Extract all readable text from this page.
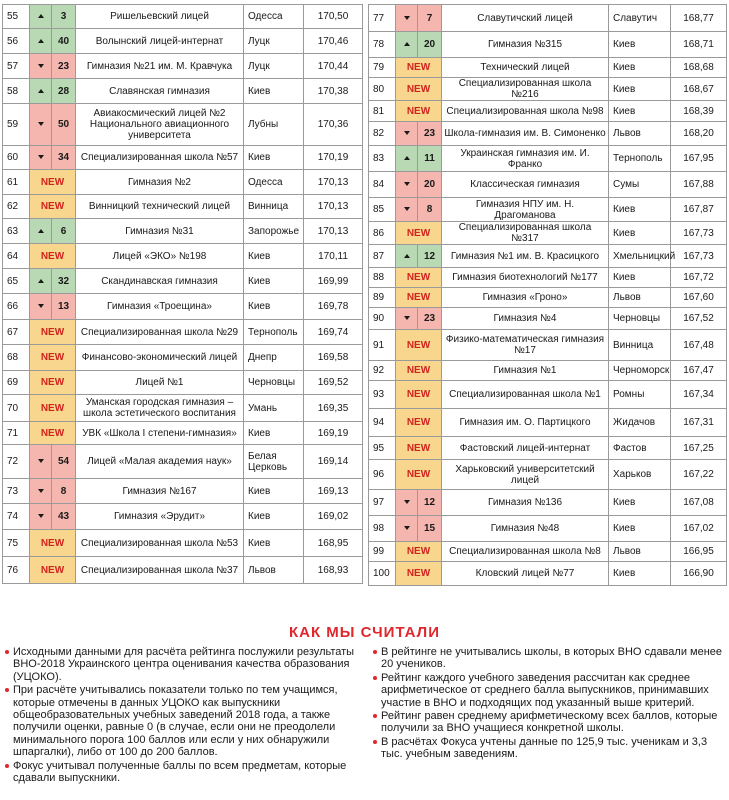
55		3	Ришельевский лицей	Одесса	170,50
56		40	Волынский лицей-интернат	Луцк	170,46
57		23	Гимназия №21 им. М. Кравчука	Луцк	170,44
58		28	Славянская гимназия	Киев	170,38
59		50	Авиакосмический лицей №2 Национального авиационного университета	Лубны	170,36
60		34	Специализированная школа №57	Киев	170,19
61	NEW		Гимназия №2	Одесса	170,13
62	NEW		Винницкий технический лицей	Винница	170,13
63		6	Гимназия №31	Запорожье	170,13
64	NEW		Лицей «ЭКО» №198	Киев	170,11
65		32	Скандинавская гимназия	Киев	169,99
66		13	Гимназия «Троещина»	Киев	169,78
67	NEW		Специализированная школа №29	Тернополь	169,74
68	NEW		Финансово-экономический лицей	Днепр	169,58
69	NEW		Лицей №1	Черновцы	169,52
70	NEW		Уманская городская гимназия – школа эстетического воспитания	Умань	169,35
71	NEW		УВК «Школа I степени-гимназия»	Киев	169,19
72		54	Лицей «Малая академия наук»	Белая Церковь	169,14
73		8	Гимназия №167	Киев	169,13
74		43	Гимназия «Эрудит»	Киев	169,02
75	NEW		Специализированная школа №53	Киев	168,95
76	NEW		Специализированная школа №37	Львов	168,93
77		7	Славутичский лицей	Славутич	168,77
78		20	Гимназия №315	Киев	168,71
79	NEW		Технический лицей	Киев	168,68
80	NEW		Специализированная школа №216	Киев	168,67
81	NEW		Специализированная школа №98	Киев	168,39
82		23	Школа-гимназия им. В. Симоненко	Львов	168,20
83		11	Украинская гимназия им. И. Франко	Тернополь	167,95
84		20	Классическая гимназия	Сумы	167,88
85		8	Гимназия НПУ им. Н. Драгоманова	Киев	167,87
86	NEW		Специализированная школа №317	Киев	167,73
87		12	Гимназия №1 им. В. Красицкого	Хмельницкий	167,73
88	NEW		Гимназия биотехнологий №177	Киев	167,72
89	NEW		Гимназия «Гроно»	Львов	167,60
90		23	Гимназия №4	Черновцы	167,52
91	NEW		Физико-математическая гимназия №17	Винница	167,48
92	NEW		Гимназия №1	Черноморск	167,47
93	NEW		Специализированная школа №1	Ромны	167,34
94	NEW		Гимназия им. О. Партицкого	Жидачов	167,31
95	NEW		Фастовский лицей-интернат	Фастов	167,25
96	NEW		Харьковский университетский лицей	Харьков	167,22
97		12	Гимназия №136	Киев	167,08
98		15	Гимназия №48	Киев	167,02
99	NEW		Специализированная школа №8	Львов	166,95
100	NEW		Кловский лицей №77	Киев	166,90
КАК МЫ СЧИТАЛИ
Исходными данными для расчёта рейтинга послужили результаты ВНО-2018 Украинского центра оценивания качества образования (УЦОКО).
При расчёте учитывались показатели только по тем учащимся, которые отмечены в данных УЦОКО как выпускники общеобразовательных учебных заведений 2018 года, а также получили оценки, равные 0 (в случае, если они не преодолели минимального порога 100 баллов или если у них обнаружили шпаргалки), либо от 100 до 200 баллов.
Фокус учитывал полученные баллы по всем предметам, которые сдавали выпускники.
В рейтинге не учитывались школы, в которых ВНО сдавали менее 20 учеников.
Рейтинг каждого учебного заведения рассчитан как среднее арифметическое от среднего балла выпускников, принимавших участие в ВНО и подходящих под указанный выше критерий.
Рейтинг равен среднему арифметическому всех баллов, которые получили за ВНО учащиеся конкретной школы.
В расчётах Фокуса учтены данные по 125,9 тыс. ученикам и 3,3 тыс. учебным заведениям.
